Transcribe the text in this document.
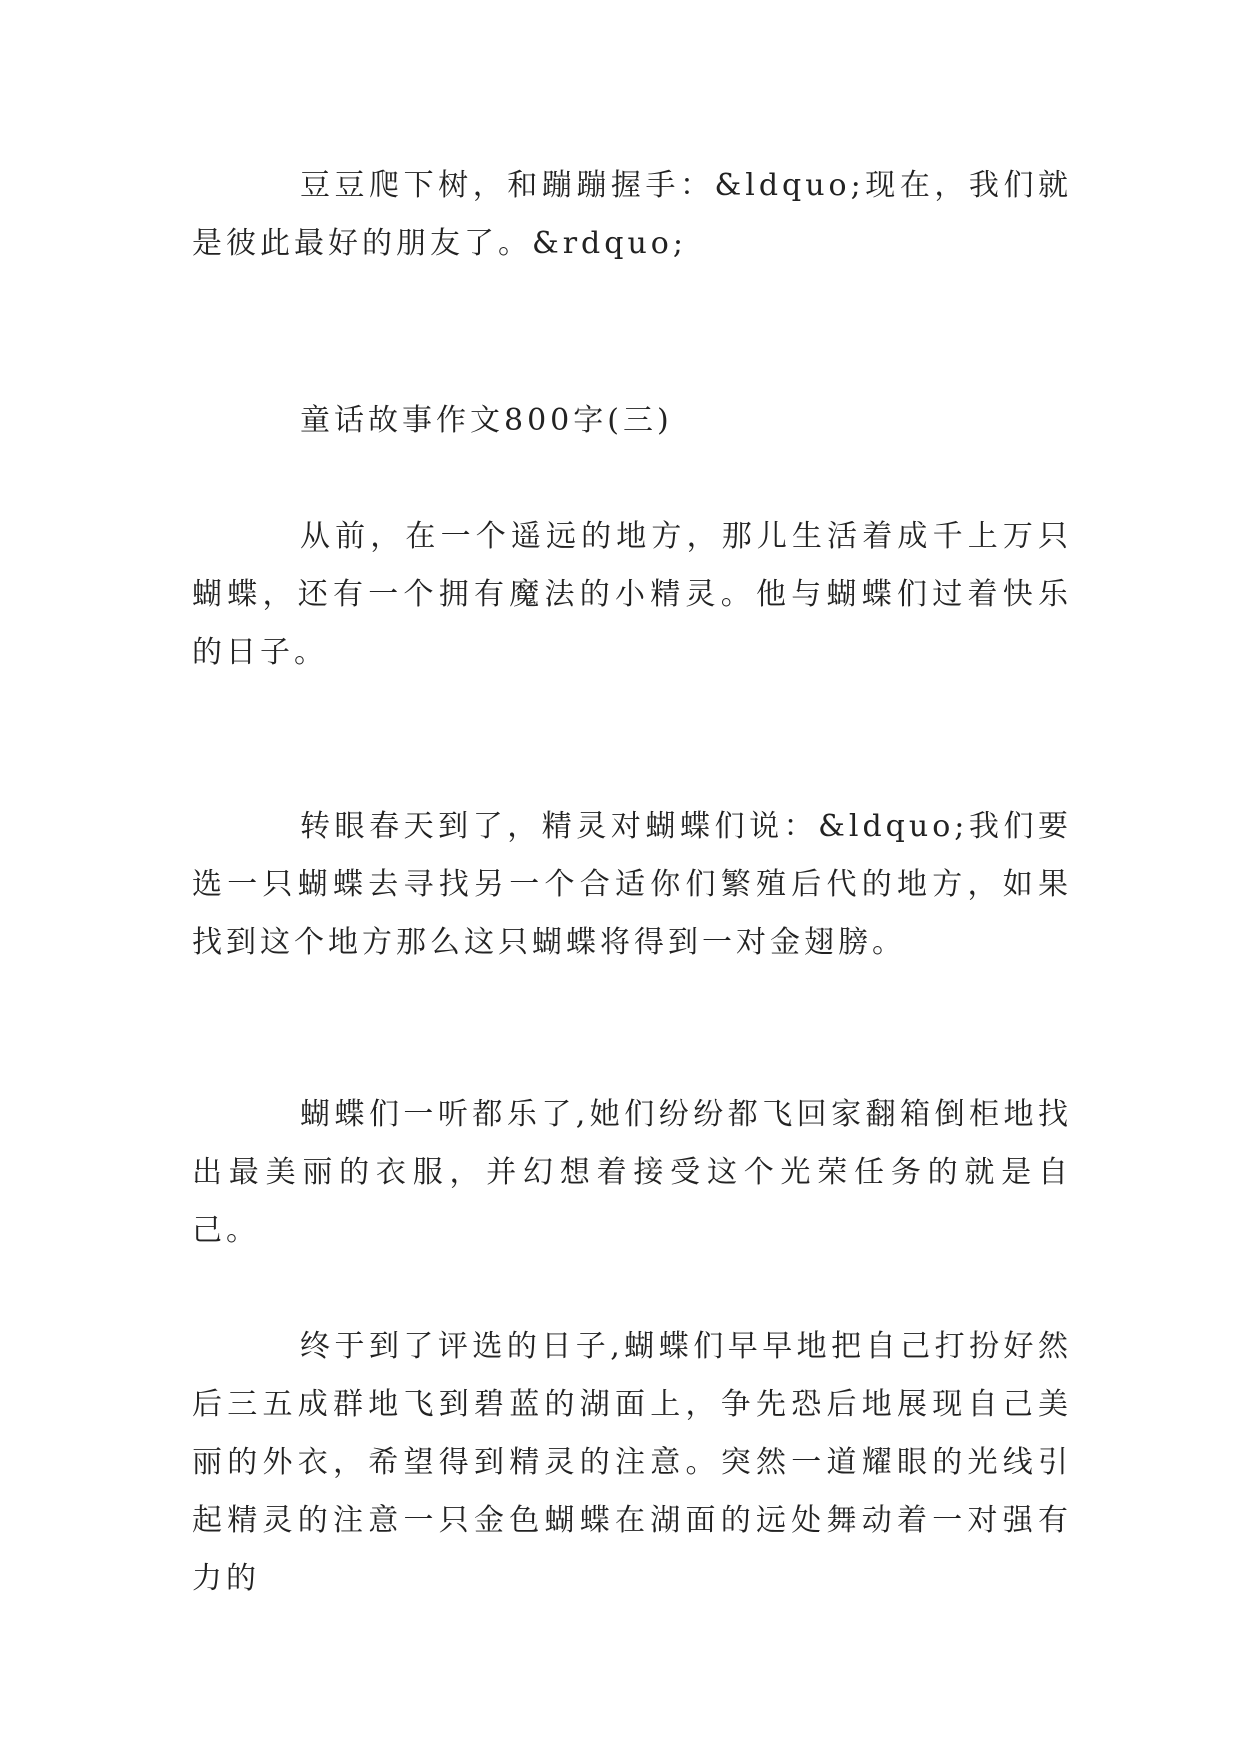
豆豆爬下树，和蹦蹦握手：&ldquo;现在，我们就是彼此最好的朋友了。&rdquo;

童话故事作文800字(三)

从前，在一个遥远的地方，那儿生活着成千上万只蝴蝶，还有一个拥有魔法的小精灵。他与蝴蝶们过着快乐的日子。

转眼春天到了，精灵对蝴蝶们说：&ldquo;我们要选一只蝴蝶去寻找另一个合适你们繁殖后代的地方，如果找到这个地方那么这只蝴蝶将得到一对金翅膀。

蝴蝶们一听都乐了,她们纷纷都飞回家翻箱倒柜地找出最美丽的衣服，并幻想着接受这个光荣任务的就是自己。

终于到了评选的日子,蝴蝶们早早地把自己打扮好然后三五成群地飞到碧蓝的湖面上，争先恐后地展现自己美丽的外衣，希望得到精灵的注意。突然一道耀眼的光线引起精灵的注意一只金色蝴蝶在湖面的远处舞动着一对强有力的
